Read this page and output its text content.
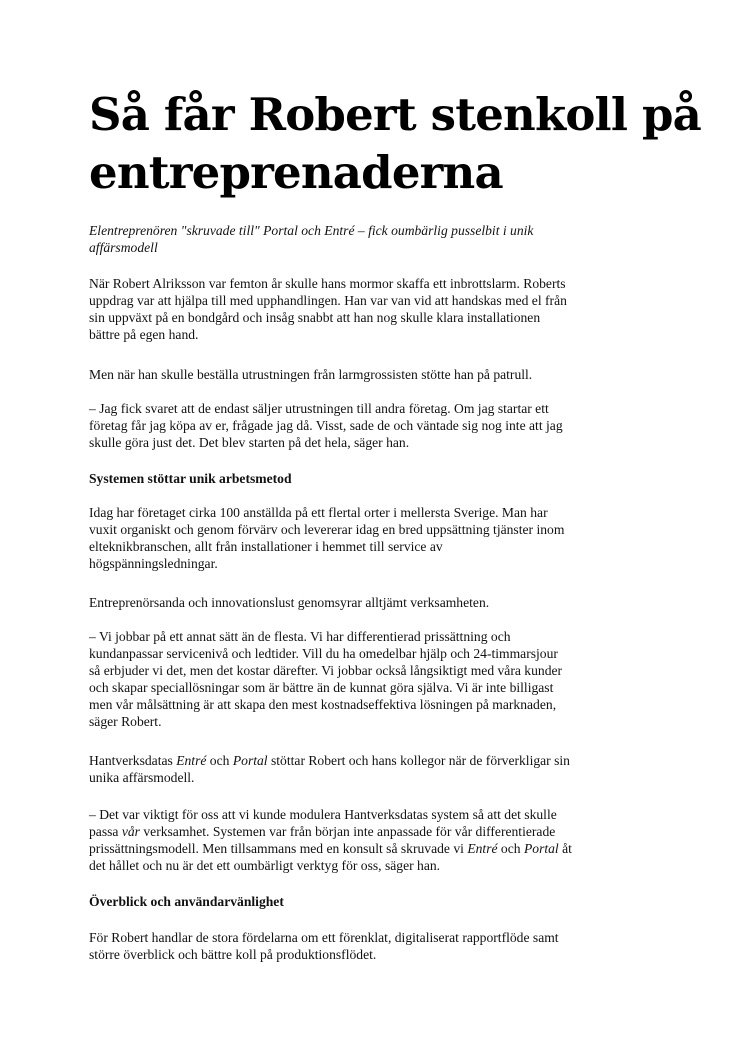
Så får Robert stenkoll på
entreprenaderna

Elentreprenören "skruvade till" Portal och Entré – fick oumbärlig pusselbit i unik
affärsmodell

När Robert Alriksson var femton år skulle hans mormor skaffa ett inbrottslarm. Roberts
uppdrag var att hjälpa till med upphandlingen. Han var van vid att handskas med el från
sin uppväxt på en bondgård och insåg snabbt att han nog skulle klara installationen
bättre på egen hand.

Men när han skulle beställa utrustningen från larmgrossisten stötte han på patrull.

– Jag fick svaret att de endast säljer utrustningen till andra företag. Om jag startar ett
företag får jag köpa av er, frågade jag då. Visst, sade de och väntade sig nog inte att jag
skulle göra just det. Det blev starten på det hela, säger han.

Systemen stöttar unik arbetsmetod

Idag har företaget cirka 100 anställda på ett flertal orter i mellersta Sverige. Man har
vuxit organiskt och genom förvärv och levererar idag en bred uppsättning tjänster inom
elteknikbranschen, allt från installationer i hemmet till service av
högspänningsledningar.

Entreprenörsanda och innovationslust genomsyrar alltjämt verksamheten.

– Vi jobbar på ett annat sätt än de flesta. Vi har differentierad prissättning och
kundanpassar servicenivå och ledtider. Vill du ha omedelbar hjälp och 24-timmarsjour
så erbjuder vi det, men det kostar därefter. Vi jobbar också långsiktigt med våra kunder
och skapar speciallösningar som är bättre än de kunnat göra själva. Vi är inte billigast
men vår målsättning är att skapa den mest kostnadseffektiva lösningen på marknaden,
säger Robert.

Hantverksdatas Entré och Portal stöttar Robert och hans kollegor när de förverkligar sin
unika affärsmodell.

– Det var viktigt för oss att vi kunde modulera Hantverksdatas system så att det skulle
passa vår verksamhet. Systemen var från början inte anpassade för vår differentierade
prissättningsmodell. Men tillsammans med en konsult så skruvade vi Entré och Portal åt
det hållet och nu är det ett oumbärligt verktyg för oss, säger han.

Överblick och användarvänlighet

För Robert handlar de stora fördelarna om ett förenklat, digitaliserat rapportflöde samt
större överblick och bättre koll på produktionsflödet.
